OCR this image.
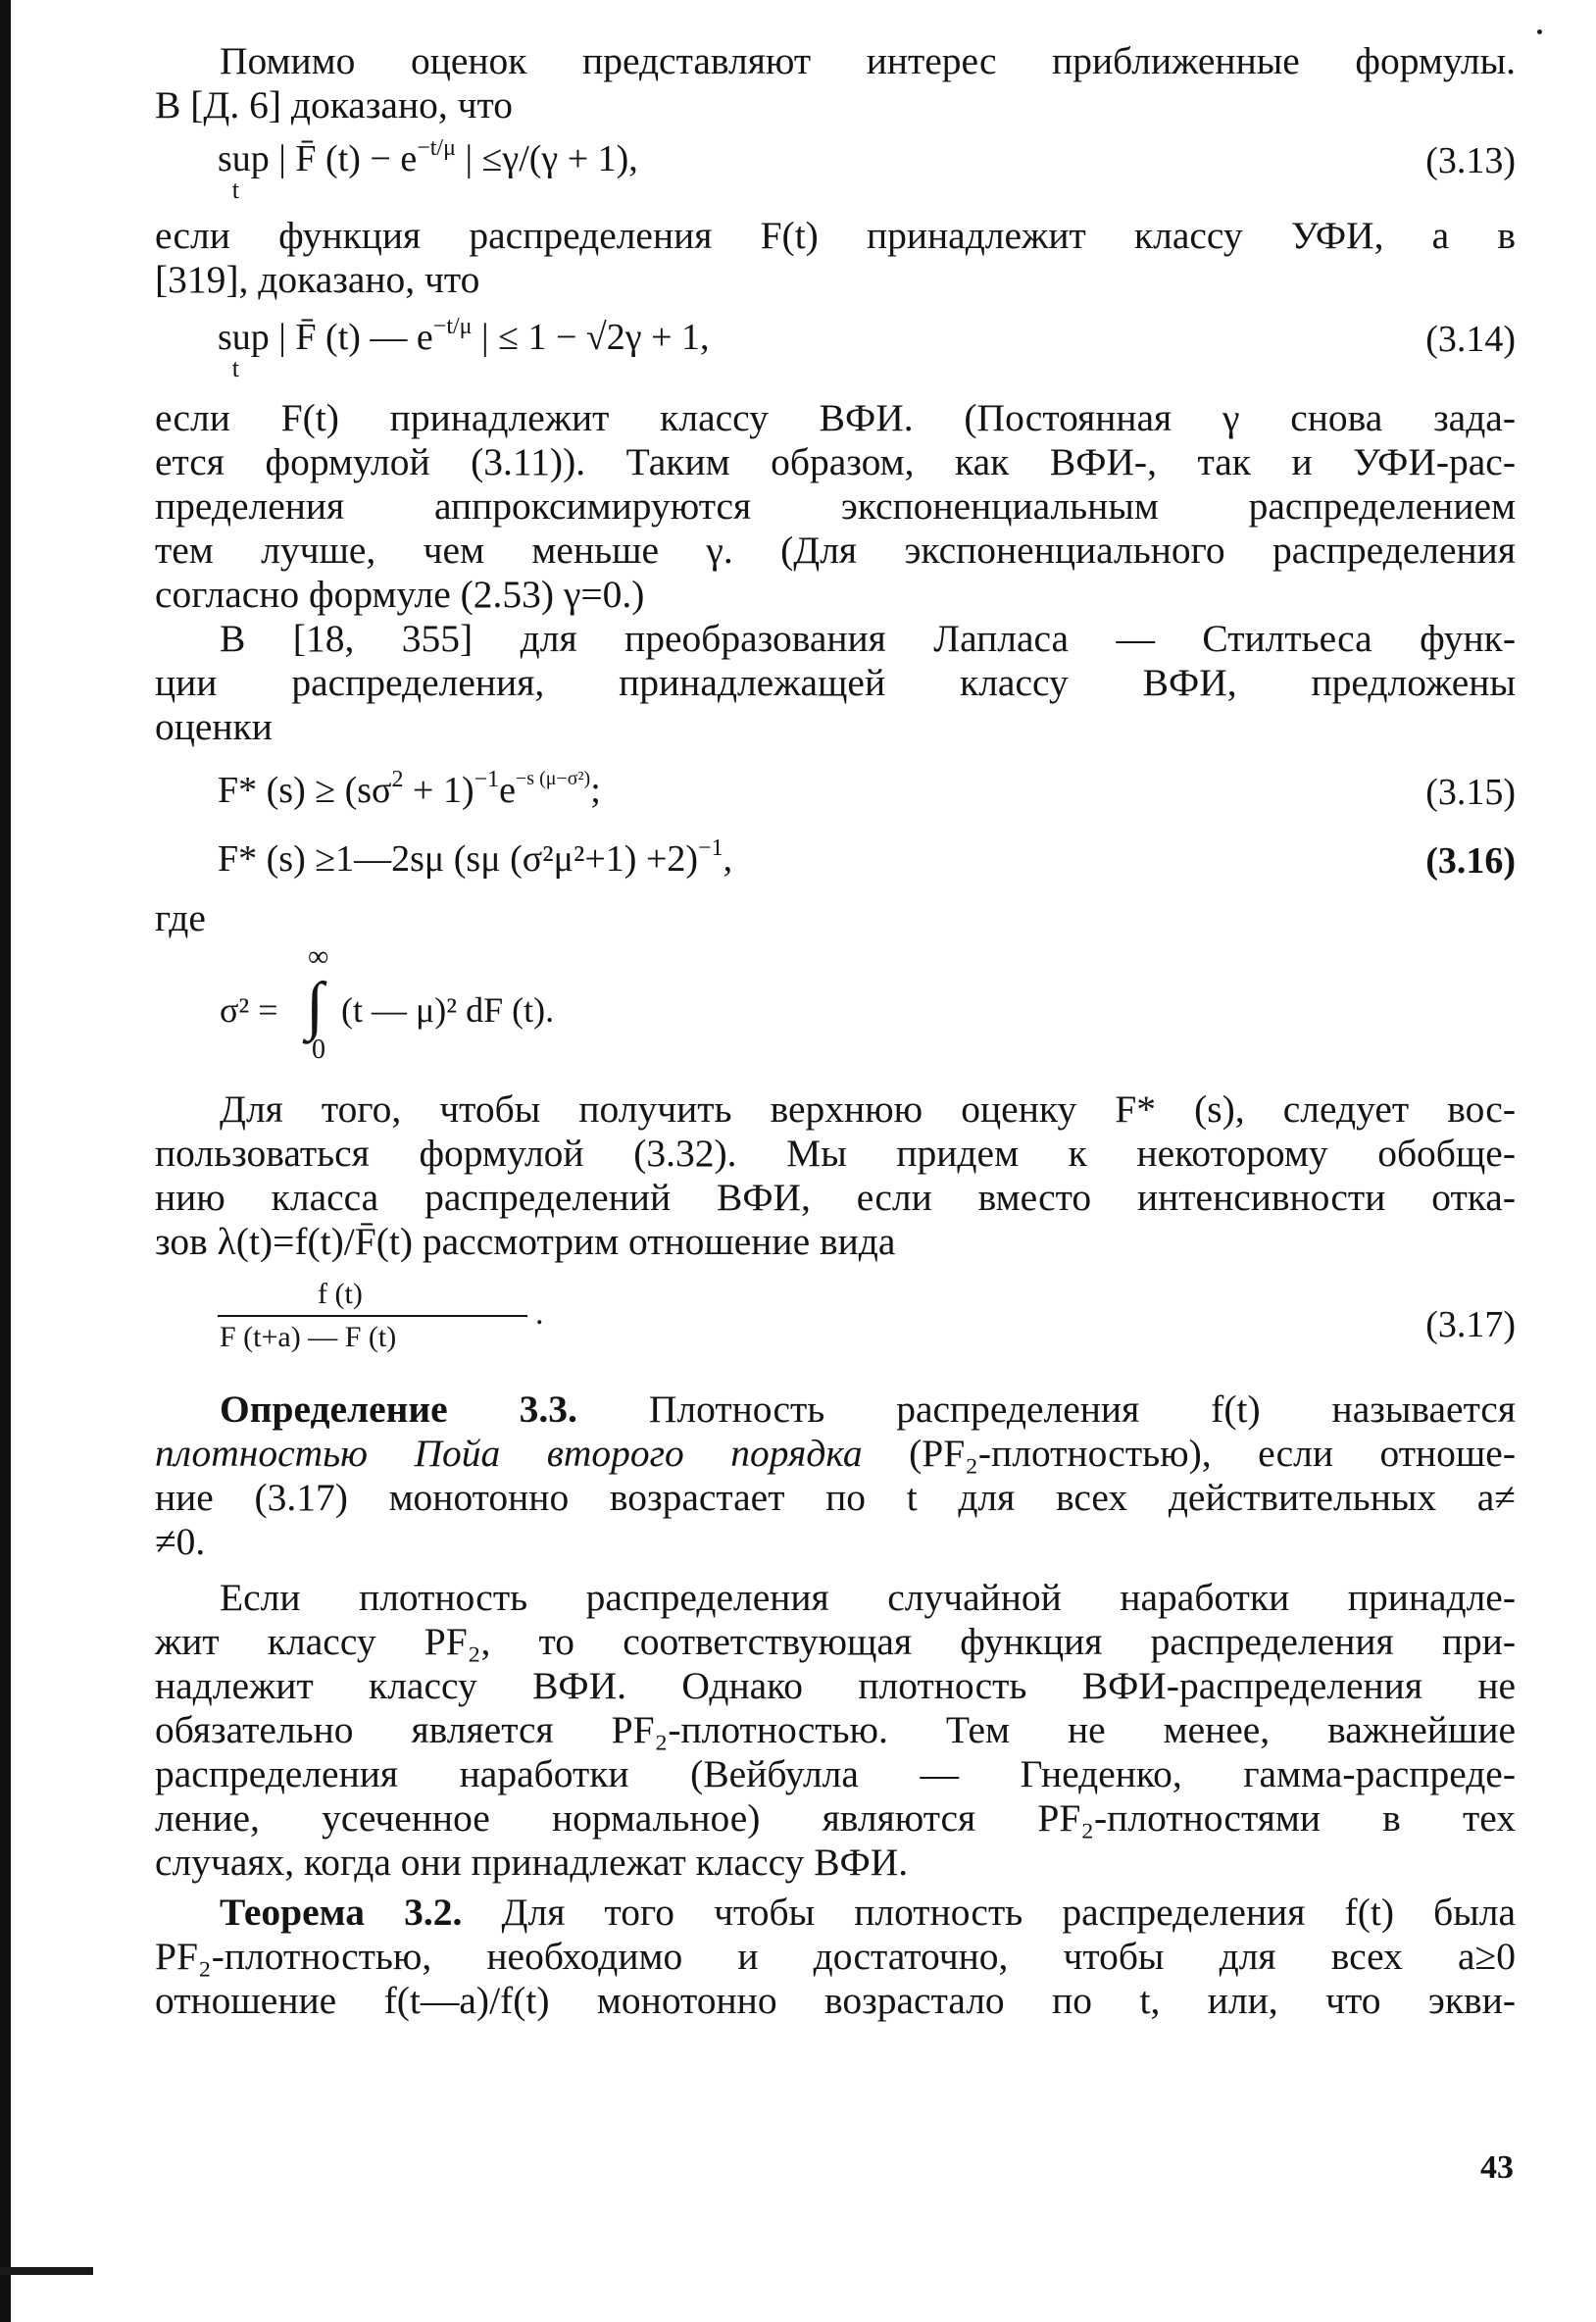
Помимо оценок представляют интерес приближенные формулы.
В [Д. 6] доказано, что
supt | F̄ $(t) - e^{-t/\mu}$ | ≤γ/(γ + 1),	(3.13)
если функция распределения F(t) принадлежит классу УФИ, а в
[319], доказано, что
supt | F̄ (t) — $e^{-t/\mu}$ | ≤ 1 − √2γ + 1,	(3.14)
если F(t) принадлежит классу ВФИ. (Постоянная γ снова зада-
ется формулой (3.11)). Таким образом, как ВФИ-, так и УФИ-рас-
пределения аппроксимируются экспоненциальным распределением
тем лучше, чем меньше γ. (Для экспоненциального распределения
согласно формуле (2.53) γ=0.)
В [18, 355] для преобразования Лапласа — Стилтьеса функ-
ции распределения, принадлежащей классу ВФИ, предложены
оценки
F* $(s) \ge (s\sigma^2 + 1)^{-1}e^{-s (\mu-\sigma^2)}$;	(3.15)
F* (s) ≥1—2sμ (sμ (σ²μ²+1) +2)$^{-1}$,	(3.16)
где
σ² =
∞
∫
0
(t — μ)² dF (t).
Для того, чтобы получить верхнюю оценку F* (s), следует вос-
пользоваться формулой (3.32). Мы придем к некоторому обобще-
нию класса распределений ВФИ, если вместо интенсивности отка-
зов λ(t)=f(t)/F̄(t) рассмотрим отношение вида
f (t)
F (t+a) — F (t)
.	(3.17)
Определение 3.3. Плотность распределения f(t) называется
плотностью Пойа второго порядка (PF₂-плотностью), если отноше-
ние (3.17) монотонно возрастает по t для всех действительных a≠
≠0.
Если плотность распределения случайной наработки принадле-
жит классу PF₂, то соответствующая функция распределения при-
надлежит классу ВФИ. Однако плотность ВФИ-распределения не
обязательно является PF₂-плотностью. Тем не менее, важнейшие
распределения наработки (Вейбулла — Гнеденко, гамма-распреде-
ление, усеченное нормальное) являются PF₂-плотностями в тех
случаях, когда они принадлежат классу ВФИ.
Теорема 3.2. Для того чтобы плотность распределения f(t) была
PF₂-плотностью, необходимо и достаточно, чтобы для всех a≥0
отношение f(t—a)/f(t) монотонно возрастало по t, или, что экви-
43
